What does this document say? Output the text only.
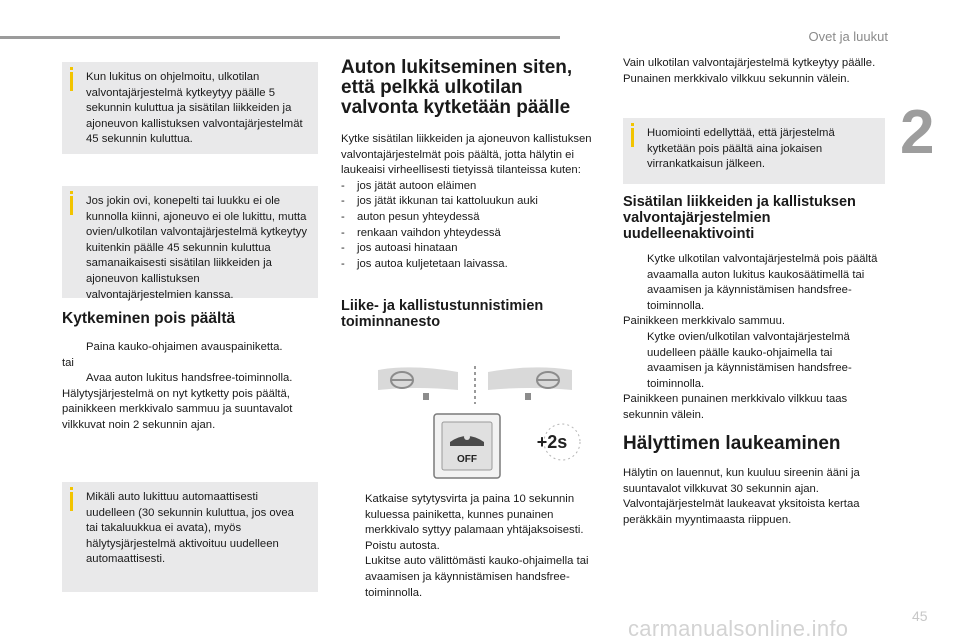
Ovet ja luukut
2
Kun lukitus on ohjelmoitu, ulkotilan valvontajärjestelmä kytkeytyy päälle 5 sekunnin kuluttua ja sisätilan liikkeiden ja ajoneuvon kallistuksen valvontajärjestelmät 45 sekunnin kuluttua.
Jos jokin ovi, konepelti tai luukku ei ole kunnolla kiinni, ajoneuvo ei ole lukittu, mutta ovien/ulkotilan valvontajärjestelmä kytkeytyy kuitenkin päälle 45 sekunnin kuluttua samanaikaisesti sisätilan liikkeiden ja ajoneuvon kallistuksen valvontajärjestelmien kanssa.
Kytkeminen pois päältä
Paina kauko-ohjaimen avauspainiketta.
tai
Avaa auton lukitus handsfree-toiminnolla.
Hälytysjärjestelmä on nyt kytketty pois päältä, painikkeen merkkivalo sammuu ja suuntavalot vilkkuvat noin 2 sekunnin ajan.
Mikäli auto lukittuu automaattisesti uudelleen (30 sekunnin kuluttua, jos ovea tai takaluukkua ei avata), myös hälytysjärjestelmä aktivoituu uudelleen automaattisesti.
Auton lukitseminen siten, että pelkkä ulkotilan valvonta kytketään päälle
Kytke sisätilan liikkeiden ja ajoneuvon kallistuksen valvontajärjestelmät pois päältä, jotta hälytin ei laukeaisi virheellisesti tietyissä tilanteissa kuten:
- jos jätät autoon eläimen
- jos jätät ikkunan tai kattoluukun auki
- auton pesun yhteydessä
- renkaan vaihdon yhteydessä
- jos autoasi hinataan
- jos autoa kuljetetaan laivassa.
Liike- ja kallistustunnistimien toiminnanesto
OFF
+2s
Katkaise sytytysvirta ja paina 10 sekunnin kuluessa painiketta, kunnes punainen merkkivalo syttyy palamaan yhtäjaksoisesti.
Poistu autosta.
Lukitse auto välittömästi kauko-ohjaimella tai avaamisen ja käynnistämisen handsfree-toiminnolla.
Vain ulkotilan valvontajärjestelmä kytkeytyy päälle. Punainen merkkivalo vilkkuu sekunnin välein.
Huomiointi edellyttää, että järjestelmä kytketään pois päältä aina jokaisen virrankatkaisun jälkeen.
Sisätilan liikkeiden ja kallistuksen valvontajärjestelmien uudelleenaktivointi
Kytke ulkotilan valvontajärjestelmä pois päältä avaamalla auton lukitus kaukosäätimellä tai avaamisen ja käynnistämisen handsfree-toiminnolla.
Painikkeen merkkivalo sammuu.
Kytke ovien/ulkotilan valvontajärjestelmä uudelleen päälle kauko-ohjaimella tai avaamisen ja käynnistämisen handsfree-toiminnolla.
Painikkeen punainen merkkivalo vilkkuu taas sekunnin välein.
Hälyttimen laukeaminen
Hälytin on lauennut, kun kuuluu sireenin ääni ja suuntavalot vilkkuvat 30 sekunnin ajan. Valvontajärjestelmät laukeavat yksitoista kertaa peräkkäin myyntimaasta riippuen.
carmanualsonline.info	45
